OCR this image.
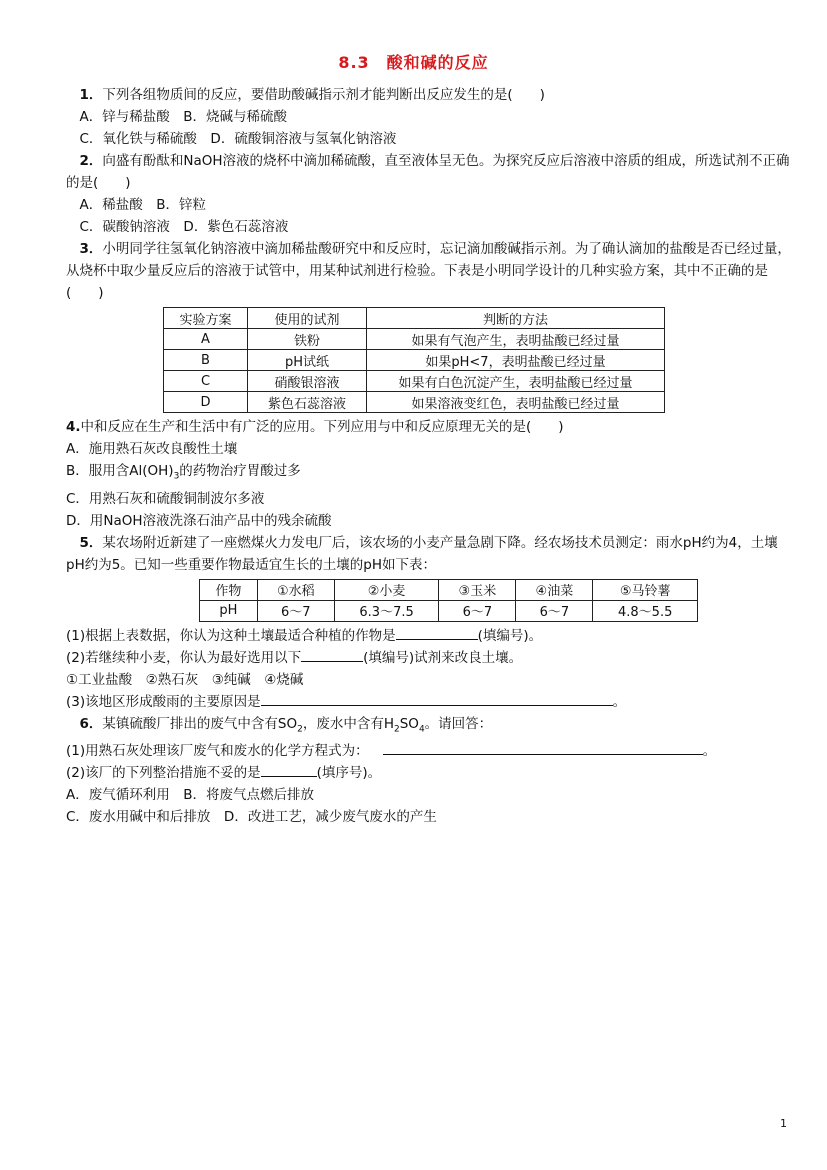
8.3　酸和碱的反应
1．下列各组物质间的反应，要借助酸碱指示剂才能判断出反应发生的是(　　)
A．锌与稀盐酸　B．烧碱与稀硫酸
C．氧化铁与稀硫酸　D．硫酸铜溶液与氢氧化钠溶液
2．向盛有酚酞和NaOH溶液的烧杯中滴加稀硫酸，直至液体呈无色。为探究反应后溶液中溶质的组成，所选试剂不正确的是(　　)
A．稀盐酸　B．锌粒
C．碳酸钠溶液　D．紫色石蕊溶液
3．小明同学往氢氧化钠溶液中滴加稀盐酸研究中和反应时，忘记滴加酸碱指示剂。为了确认滴加的盐酸是否已经过量，从烧杯中取少量反应后的溶液于试管中，用某种试剂进行检验。下表是小明同学设计的几种实验方案，其中不正确的是(　　)
实验方案	使用的试剂	判断的方法
A	铁粉	如果有气泡产生，表明盐酸已经过量
B	pH试纸	如果pH<7，表明盐酸已经过量
C	硝酸银溶液	如果有白色沉淀产生，表明盐酸已经过量
D	紫色石蕊溶液	如果溶液变红色，表明盐酸已经过量
4.中和反应在生产和生活中有广泛的应用。下列应用与中和反应原理无关的是(　　)
A．施用熟石灰改良酸性土壤
B．服用含$Al(OH)_3$的药物治疗胃酸过多
C．用熟石灰和硫酸铜制波尔多液
D．用NaOH溶液洗涤石油产品中的残余硫酸
5．某农场附近新建了一座燃煤火力发电厂后，该农场的小麦产量急剧下降。经农场技术员测定：雨水pH约为4，土壤pH约为5。已知一些重要作物最适宜生长的土壤的pH如下表：
作物	①水稻	②小麦	③玉米	④油菜	⑤马铃薯
pH	6～7	6.3～7.5	6～7	6～7	4.8～5.5
(1)根据上表数据，你认为这种土壤最适合种植的作物是	(填编号)。
(2)若继续种小麦，你认为最好选用以下	(填编号)试剂来改良土壤。
①工业盐酸　②熟石灰　③纯碱　④烧碱
(3)该地区形成酸雨的主要原因是	。
6．某镇硫酸厂排出的废气中含有$SO_2$，废水中含有$H_2SO_4$。请回答：
(1)用熟石灰处理该厂废气和废水的化学方程式为：	。
(2)该厂的下列整治措施不妥的是	(填序号)。
A．废气循环利用　B．将废气点燃后排放
C．废水用碱中和后排放　D．改进工艺，减少废气废水的产生
1
